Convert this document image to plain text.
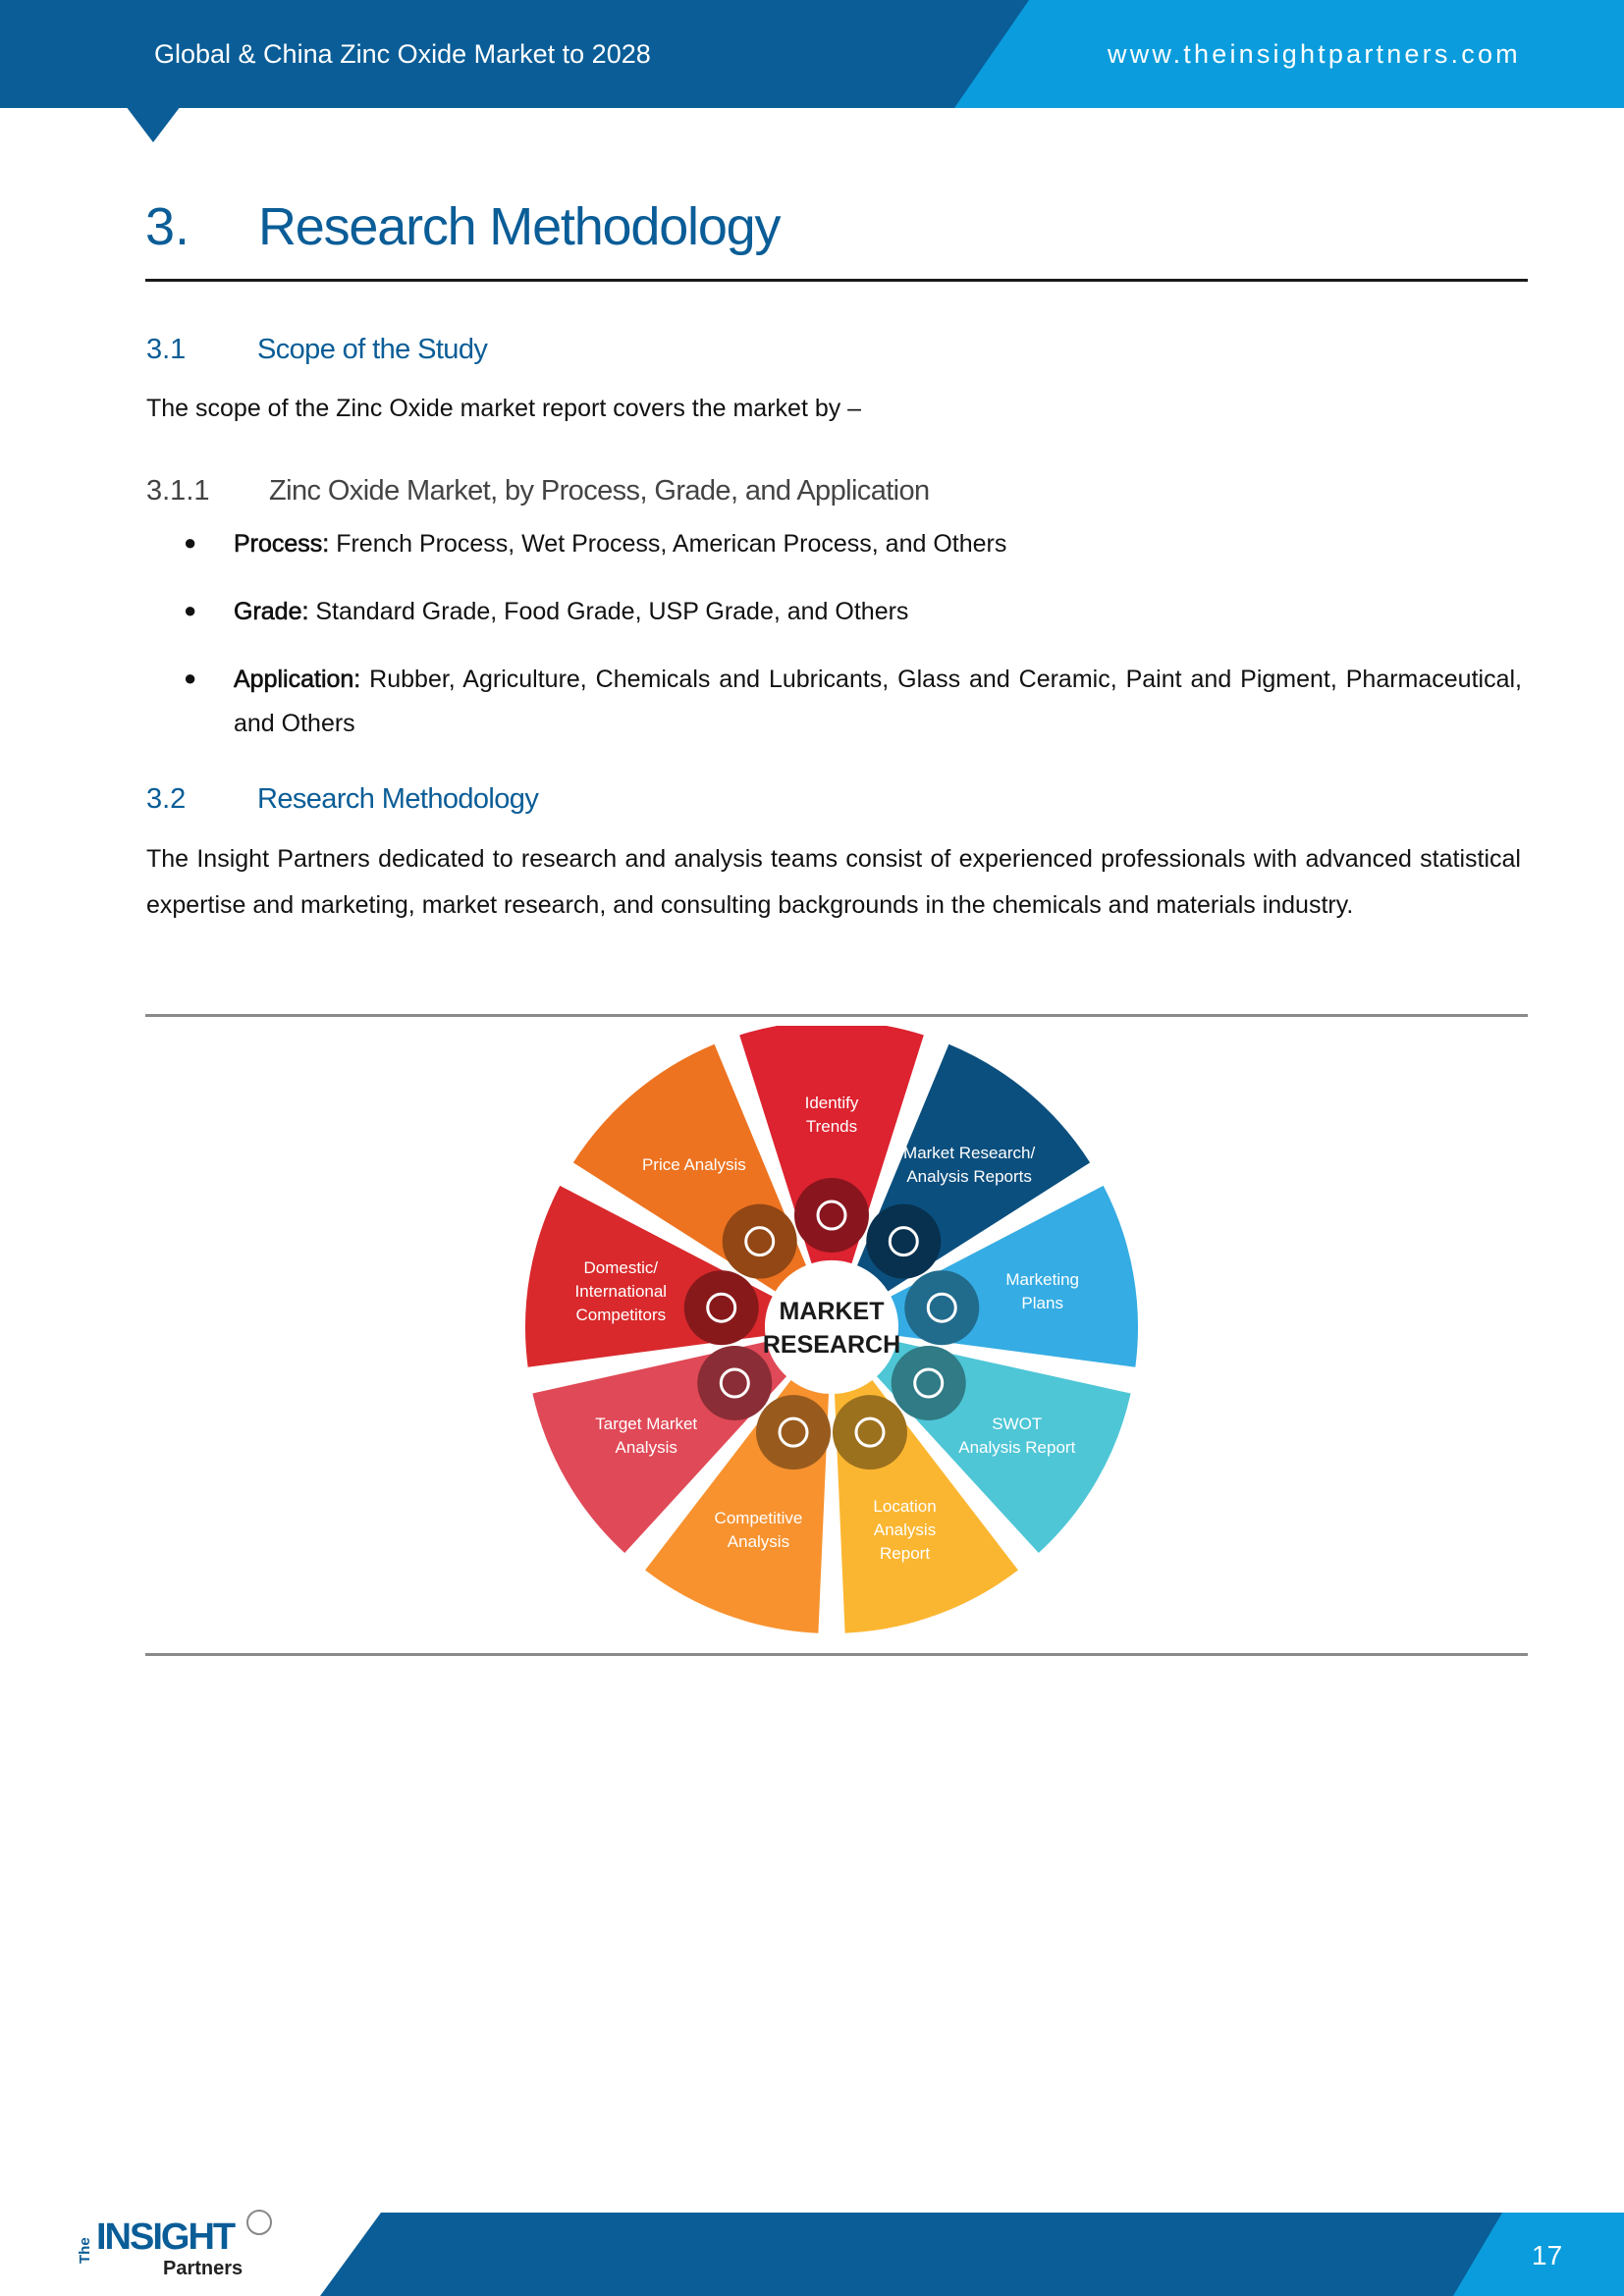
Global & China Zinc Oxide Market to 2028	www.theinsightpartners.com
3. Research Methodology
3.1	Scope of the Study
The scope of the Zinc Oxide market report covers the market by –
3.1.1 Zinc Oxide Market, by Process, Grade, and Application
● Process: French Process, Wet Process, American Process, and Others
● Grade: Standard Grade, Food Grade, USP Grade, and Others
● Application: Rubber, Agriculture, Chemicals and Lubricants, Glass and Ceramic, Paint and Pigment, Pharmaceutical, and Others
3.2	Research Methodology
The Insight Partners dedicated to research and analysis teams consist of experienced professionals with advanced statistical expertise and marketing, market research, and consulting backgrounds in the chemicals and materials industry.
Identify
Trends
Market Research/
Analysis Reports
Marketing
Plans
SWOT
Analysis Report
Location
Analysis
Report
Competitive
Analysis
Target Market
Analysis
Domestic/
International
Competitors
Price Analysis
MARKET
RESEARCH
The INSIGHT
Partners	17
